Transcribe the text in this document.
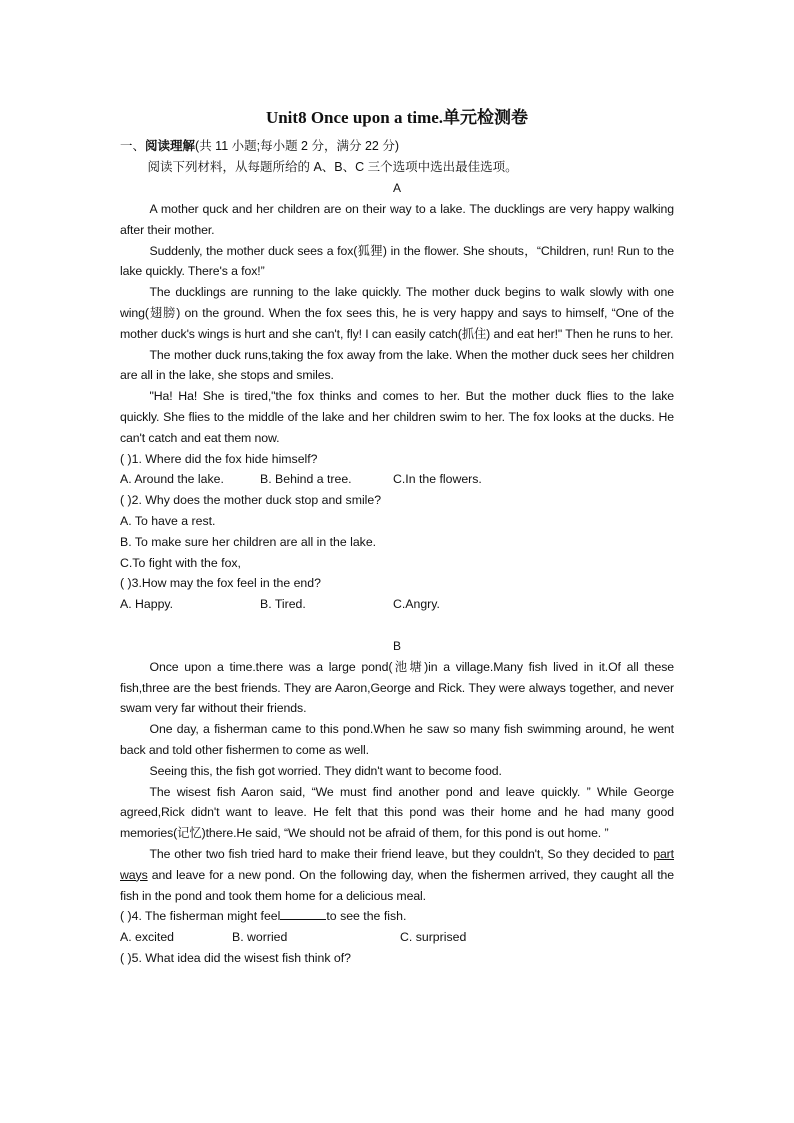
Unit8 Once upon a time.单元检测卷

一、阅读理解(共 11 小题;每小题 2 分，满分 22 分)

阅读下列材料，从每题所给的 A、B、C 三个选项中选出最佳选项。

A

A mother quck and her children are on their way to a lake. The ducklings are very happy walking after their mother.

Suddenly, the mother duck sees a fox(狐狸) in the flower. She shouts，“Children, run! Run to the lake quickly. There's a fox!”

The ducklings are running to the lake quickly. The mother duck begins to walk slowly with one wing(翅膀) on the ground. When the fox sees this, he is very happy and says to himself, “One of the mother duck's wings is hurt and she can't, fly! I can easily catch(抓住) and eat her!" Then he runs to her.

The mother duck runs,taking the fox away from the lake. When the mother duck sees her children are all in the lake, she stops and smiles.

"Ha! Ha! She is tired,"the fox thinks and comes to her. But the mother duck flies to the lake quickly. She flies to the middle of the lake and her children swim to her. The fox looks at the ducks. He can't catch and eat them now.

( )1. Where did the fox hide himself?

A. Around the lake.	B. Behind a tree.	C.In the flowers.

( )2. Why does the mother duck stop and smile?

A. To have a rest.

B. To make sure her children are all in the lake.

C.To fight with the fox,

( )3.How may the fox feel in the end?

A. Happy.	B. Tired.	C.Angry.

B

Once upon a time.there was a large pond(池塘)in a village.Many fish lived in it.Of all these fish,three are the best friends. They are Aaron,George and Rick. They were always together, and never swam very far without their friends.

One day, a fisherman came to this pond.When he saw so many fish swimming around, he went back and told other fishermen to come as well.

Seeing this, the fish got worried. They didn't want to become food.

The wisest fish Aaron said, “We must find another pond and leave quickly. ” While George agreed,Rick didn't want to leave. He felt that this pond was their home and he had many good memories(记忆)there.He said, “We should not be afraid of them, for this pond is out home. ”

The other two fish tried hard to make their friend leave, but they couldn't, So they decided to part ways and leave for a new pond. On the following day, when the fishermen arrived, they caught all the fish in the pond and took them home for a delicious meal.

( )4. The fisherman might feel	to see the fish.

A. excited	B. worried	C. surprised

( )5. What idea did the wisest fish think of?
